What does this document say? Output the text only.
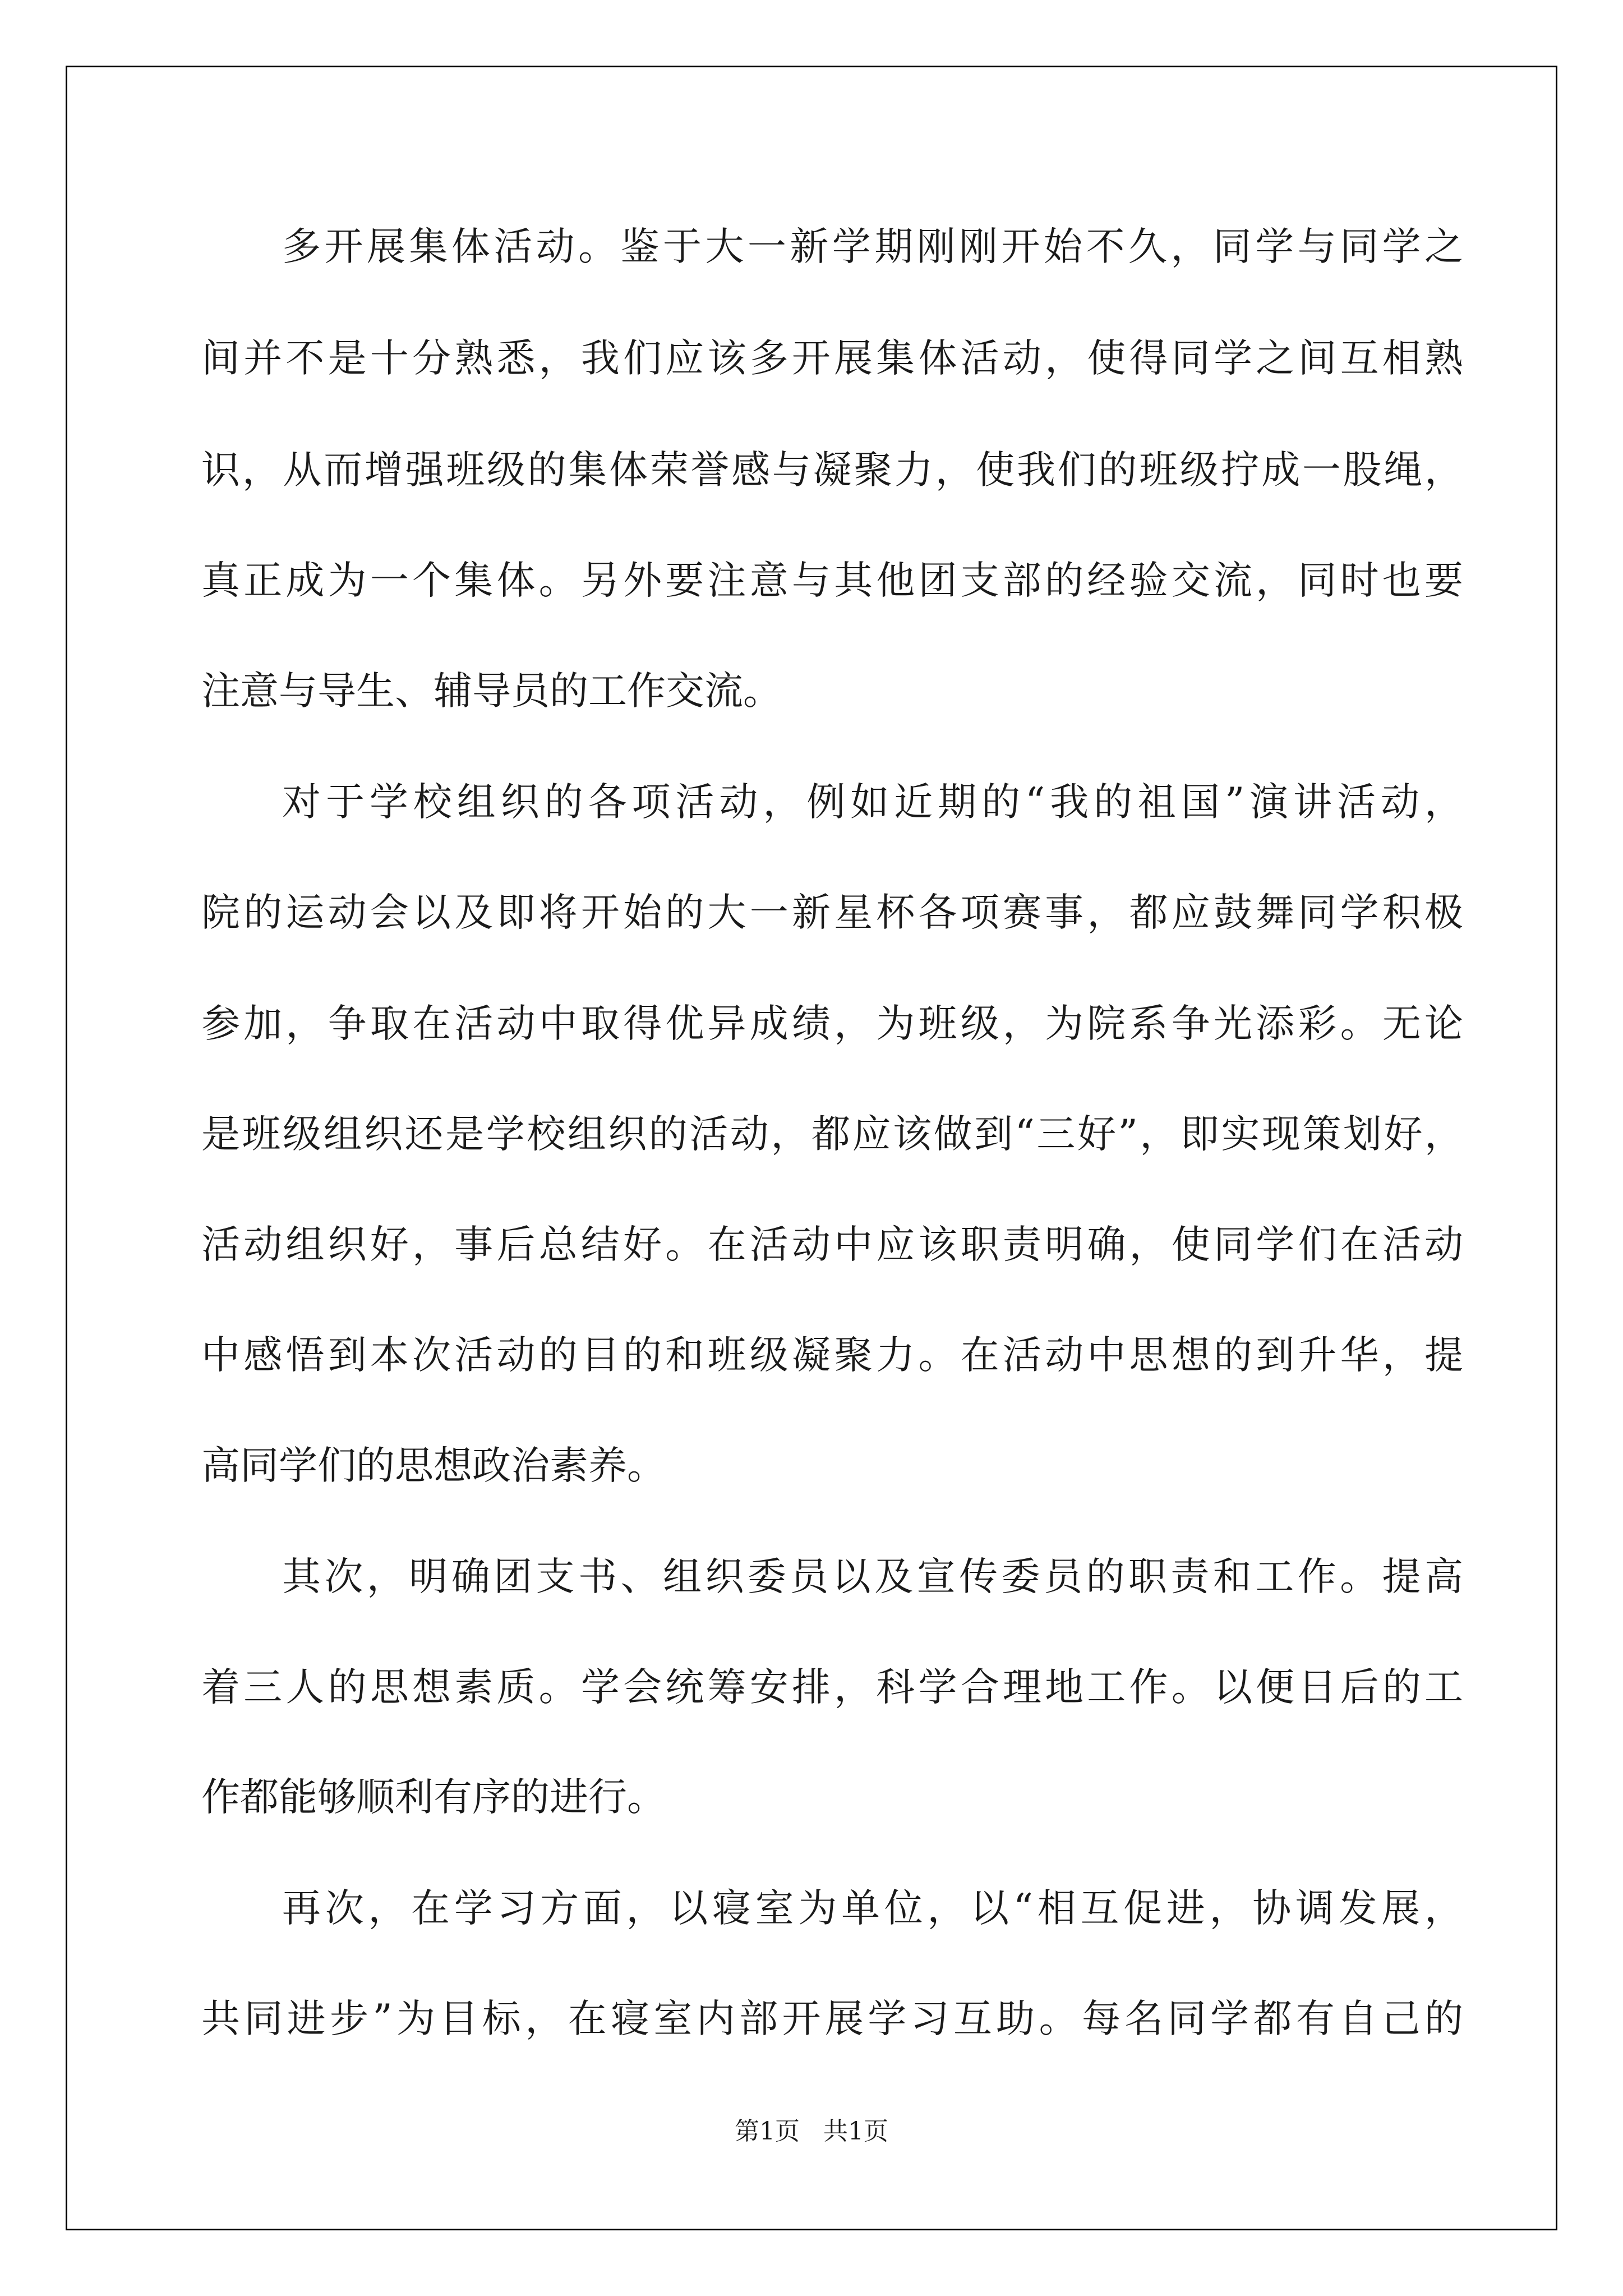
多开展集体活动。鉴于大一新学期刚刚开始不久，同学与同学之
间并不是十分熟悉，我们应该多开展集体活动，使得同学之间互相熟
识，从而增强班级的集体荣誉感与凝聚力，使我们的班级拧成一股绳，
真正成为一个集体。另外要注意与其他团支部的经验交流，同时也要
注意与导生、辅导员的工作交流。
对于学校组织的各项活动，例如近期的“我的祖国”演讲活动，
院的运动会以及即将开始的大一新星杯各项赛事，都应鼓舞同学积极
参加，争取在活动中取得优异成绩，为班级，为院系争光添彩。无论
是班级组织还是学校组织的活动，都应该做到“三好”，即实现策划好，
活动组织好，事后总结好。在活动中应该职责明确，使同学们在活动
中感悟到本次活动的目的和班级凝聚力。在活动中思想的到升华，提
高同学们的思想政治素养。
其次，明确团支书、组织委员以及宣传委员的职责和工作。提高
着三人的思想素质。学会统筹安排，科学合理地工作。以便日后的工
作都能够顺利有序的进行。
再次，在学习方面，以寝室为单位，以“相互促进，协调发展，
共同进步”为目标，在寝室内部开展学习互助。每名同学都有自己的
第1页   共1页
